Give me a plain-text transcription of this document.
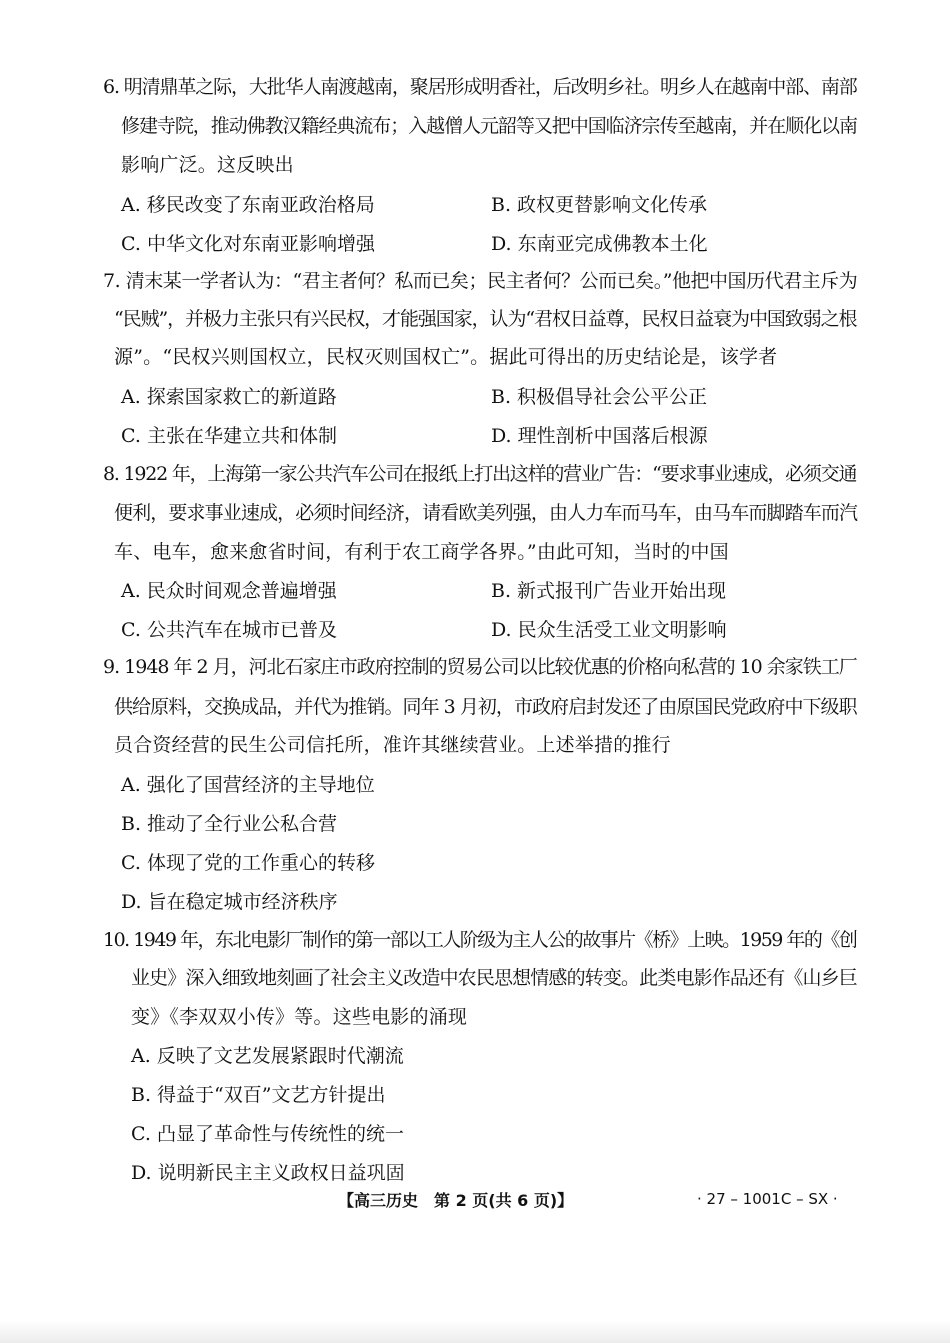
6. 明清鼎革之际，大批华人南渡越南，聚居形成明香社，后改明乡社。明乡人在越南中部、南部
修建寺院，推动佛教汉籍经典流布；入越僧人元韶等又把中国临济宗传至越南，并在顺化以南
影响广泛。这反映出
A. 移民改变了东南亚政治格局	B. 政权更替影响文化传承
C. 中华文化对东南亚影响增强	D. 东南亚完成佛教本土化
7. 清末某一学者认为：“君主者何？私而已矣；民主者何？公而已矣。”他把中国历代君主斥为
“民贼”，并极力主张只有兴民权，才能强国家，认为“君权日益尊，民权日益衰为中国致弱之根
源”。“民权兴则国权立，民权灭则国权亡”。据此可得出的历史结论是，该学者
A. 探索国家救亡的新道路	B. 积极倡导社会公平公正
C. 主张在华建立共和体制	D. 理性剖析中国落后根源
8. 1922 年，上海第一家公共汽车公司在报纸上打出这样的营业广告：“要求事业速成，必须交通
便利，要求事业速成，必须时间经济，请看欧美列强，由人力车而马车，由马车而脚踏车而汽
车、电车，愈来愈省时间，有利于农工商学各界。”由此可知，当时的中国
A. 民众时间观念普遍增强	B. 新式报刊广告业开始出现
C. 公共汽车在城市已普及	D. 民众生活受工业文明影响
9. 1948 年 2 月，河北石家庄市政府控制的贸易公司以比较优惠的价格向私营的 10 余家铁工厂
供给原料，交换成品，并代为推销。同年 3 月初，市政府启封发还了由原国民党政府中下级职
员合资经营的民生公司信托所，准许其继续营业。上述举措的推行
A. 强化了国营经济的主导地位
B. 推动了全行业公私合营
C. 体现了党的工作重心的转移
D. 旨在稳定城市经济秩序
10. 1949 年，东北电影厂制作的第一部以工人阶级为主人公的故事片《桥》上映。1959 年的《创
业史》深入细致地刻画了社会主义改造中农民思想情感的转变。此类电影作品还有《山乡巨
变》《李双双小传》等。这些电影的涌现
A. 反映了文艺发展紧跟时代潮流
B. 得益于“双百”文艺方针提出
C. 凸显了革命性与传统性的统一
D. 说明新民主主义政权日益巩固
【高三历史　第 2 页(共 6 页)】	· 27 – 1001C – SX ·
